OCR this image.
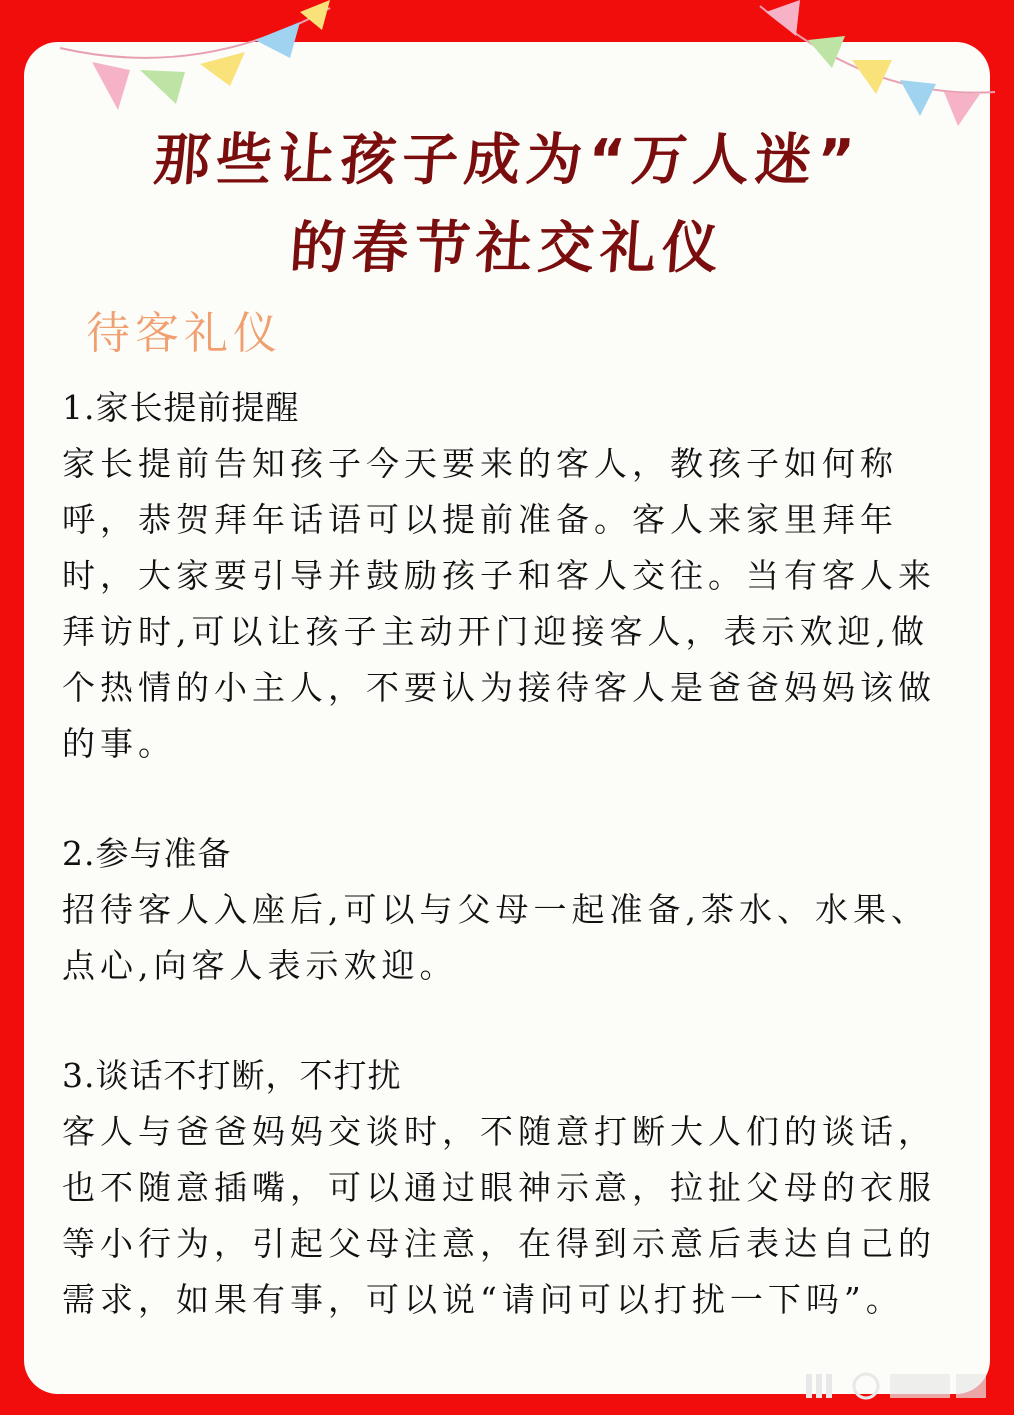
那些让孩子成为“万人迷”
的春节社交礼仪
待客礼仪
1.家长提前提醒

家长提前告知孩子今天要来的客人，教孩子如何称呼，恭贺拜年话语可以提前准备。客人来家里拜年时，大家要引导并鼓励孩子和客人交往。当有客人来拜访时,可以让孩子主动开门迎接客人，表示欢迎,做个热情的小主人，不要认为接待客人是爸爸妈妈该做的事。

2.参与准备

招待客人入座后,可以与父母一起准备,茶水、水果、点心,向客人表示欢迎。

3.谈话不打断，不打扰

客人与爸爸妈妈交谈时，不随意打断大人们的谈话，也不随意插嘴，可以通过眼神示意，拉扯父母的衣服等小行为，引起父母注意，在得到示意后表达自己的需求，如果有事，可以说“请问可以打扰一下吗”。
